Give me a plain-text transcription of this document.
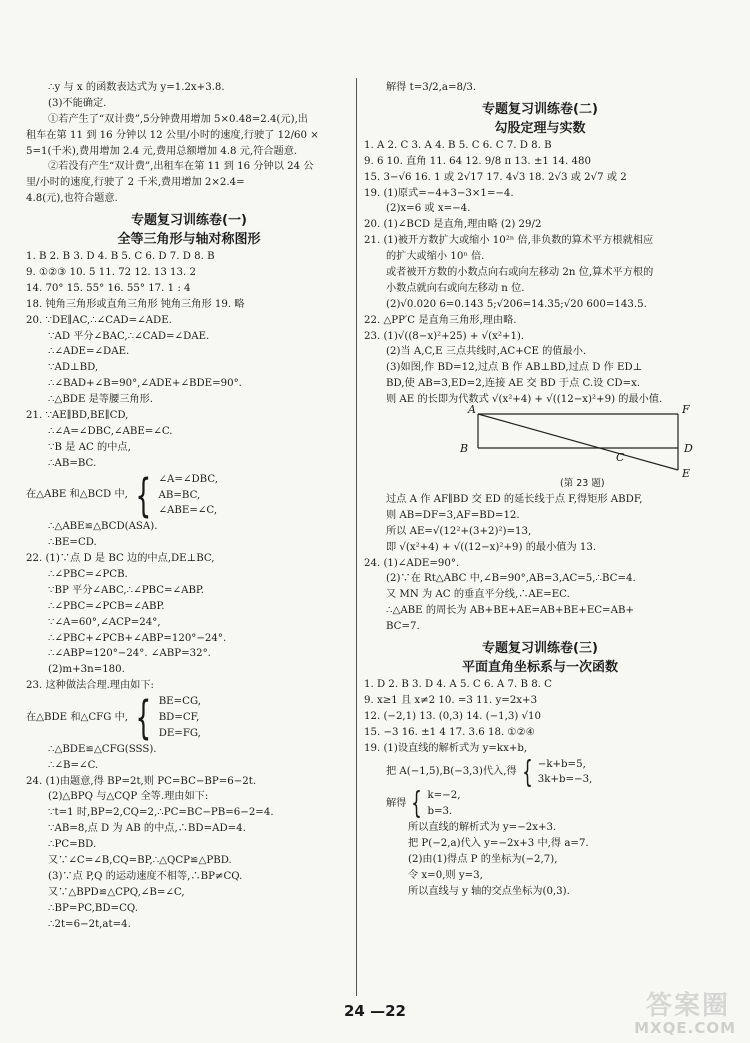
∴y 与 x 的函数表达式为 y=1.2x+3.8.
(3)不能确定.
①若产生了“双计费”,5分钟费用增加 5×0.48=2.4(元),出
租车在第 11 到 16 分钟以 12 公里/小时的速度,行驶了 12/60 ×
5=1(千米),费用增加 2.4 元,费用总额增加 4.8 元,符合题意.
②若没有产生“双计费”,出租车在第 11 到 16 分钟以 24 公
里/小时的速度,行驶了 2 千米,费用增加 2×2.4=
4.8(元),也符合题意.
专题复习训练卷(一)
全等三角形与轴对称图形
1. B 2. B 3. D 4. B 5. C 6. D 7. D 8. B
9. ①②③ 10. 5 11. 72 12. 13 13. 2
14. 70° 15. 55° 16. 55° 17. 1 : 4
18. 钝角三角形或直角三角形 钝角三角形 19. 略
20. ∵DE∥AC,∴∠CAD=∠ADE.
∵AD 平分∠BAC,∴∠CAD=∠DAE.
∴∠ADE=∠DAE.
∵AD⊥BD,
∴∠BAD+∠B=90°,∠ADE+∠BDE=90°.
∴△BDE 是等腰三角形.
21. ∵AE∥BD,BE∥CD,
∴∠A=∠DBC,∠ABE=∠C.
∵B 是 AC 的中点,
∴AB=BC.
在△ABE 和△BCD 中, { ∠A=∠DBC,
AB=BC,
∠ABE=∠C,
∴△ABE≌△BCD(ASA).
∴BE=CD.
22. (1)∵点 D 是 BC 边的中点,DE⊥BC,
∴∠PBC=∠PCB.
∵BP 平分∠ABC,∴∠PBC=∠ABP.
∴∠PBC=∠PCB=∠ABP.
∵∠A=60°,∠ACP=24°,
∴∠PBC+∠PCB+∠ABP=120°−24°.
∴∠ABP=120°−24°. ∠ABP=32°.
(2)m+3n=180.
23. 这种做法合理.理由如下:
在△BDE 和△CFG 中, { BE=CG,
BD=CF,
DE=FG,
∴△BDE≌△CFG(SSS).
∴∠B=∠C.
24. (1)由题意,得 BP=2t,则 PC=BC−BP=6−2t.
(2)△BPQ 与△CQP 全等.理由如下:
∵t=1 时,BP=2,CQ=2,∴PC=BC−PB=6−2=4.
∵AB=8,点 D 为 AB 的中点,∴BD=AD=4.
∴PC=BD.
又∵∠C=∠B,CQ=BP,∴△QCP≌△PBD.
(3)∵点 P,Q 的运动速度不相等,∴BP≠CQ.
又∵△BPD≌△CPQ,∠B=∠C,
∴BP=PC,BD=CQ.
∴2t=6−2t,at=4.
解得 t=3/2,a=8/3.
专题复习训练卷(二)
勾股定理与实数
1. A 2. C 3. A 4. B 5. C 6. C 7. D 8. B
9. 6 10. 直角 11. 64 12. 9/8 π 13. ±1 14. 480
15. 3−√6 16. 1 或 2√17 17. 4√3 18. 2√3 或 2√7 或 2
19. (1)原式=−4+3−3×1=−4.
(2)x=6 或 x=−4.
20. (1)∠BCD 是直角,理由略 (2) 29/2
21. (1)被开方数扩大或缩小 10²ⁿ 倍,非负数的算术平方根就相应
的扩大或缩小 10ⁿ 倍.
或者被开方数的小数点向右或向左移动 2n 位,算术平方根的
小数点就向右或向左移动 n 位.
(2)√0.020 6=0.143 5;√206=14.35;√20 600=143.5.
22. △PP′C 是直角三角形,理由略.
23. (1)√((8−x)²+25) + √(x²+1).
(2)当 A,C,E 三点共线时,AC+CE 的值最小.
(3)如图,作 BD=12,过点 B 作 AB⊥BD,过点 D 作 ED⊥
BD,使 AB=3,ED=2,连接 AE 交 BD 于点 C.设 CD=x.
则 AE 的长即为代数式 √(x²+4) + √((12−x)²+9) 的最小值.
A	F
B
C
D
E
(第 23 题)
过点 A 作 AF∥BD 交 ED 的延长线于点 F,得矩形 ABDF,
则 AB=DF=3,AF=BD=12.
所以 AE=√(12²+(3+2)²)=13,
即 √(x²+4) + √((12−x)²+9) 的最小值为 13.
24. (1)∠ADE=90°.
(2)∵在 Rt△ABC 中,∠B=90°,AB=3,AC=5,∴BC=4.
又 MN 为 AC 的垂直平分线,∴AE=EC.
∴△ABE 的周长为 AB+BE+AE=AB+BE+EC=AB+
BC=7.
专题复习训练卷(三)
平面直角坐标系与一次函数
1. D 2. B 3. D 4. A 5. C 6. A 7. B 8. C
9. x≥1 且 x≠2 10. =3 11. y=2x+3
12. (−2,1) 13. (0,3) 14. (−1,3) √10
15. −3 16. ±1 4 17. 3.6 18. ①②④
19. (1)设直线的解析式为 y=kx+b,
把 A(−1,5),B(−3,3)代入,得 { −k+b=5,
3k+b=−3,
解得 { k=−2,
b=3.
所以直线的解析式为 y=−2x+3.
把 P(−2,a)代入 y=−2x+3 中,得 a=7.
(2)由(1)得点 P 的坐标为(−2,7),
令 x=0,则 y=3,
所以直线与 y 轴的交点坐标为(0,3).
24 —22	答案圈
MXQE.COM
